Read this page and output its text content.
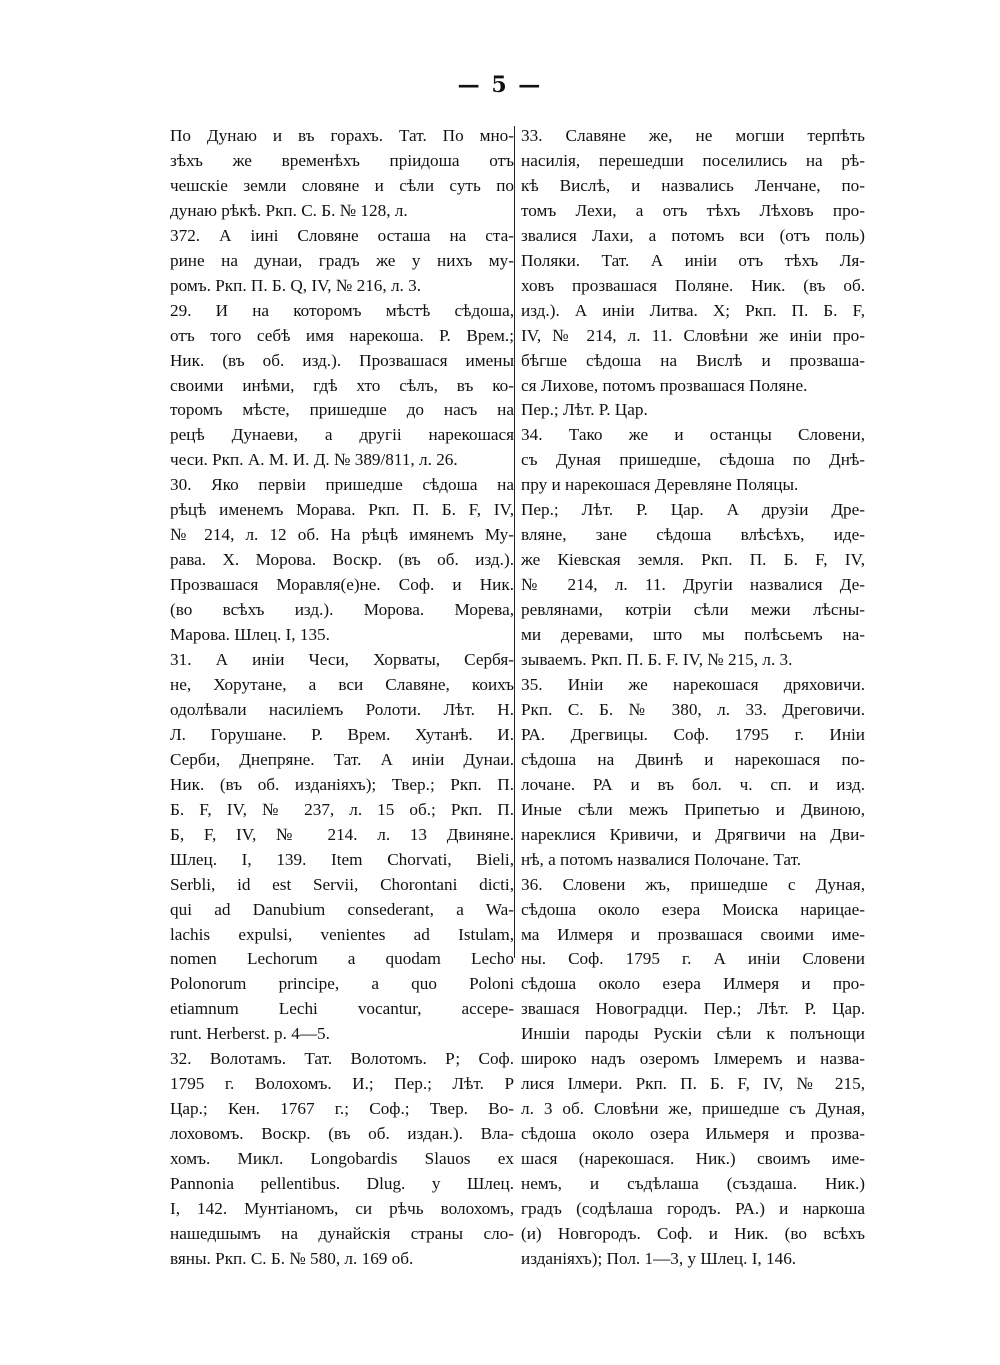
— 5 —
По Дунаю и въ горахъ. Тат. По мно-
зѣхъ же временѣхъ пріидоша отъ
чешскіе земли словяне и сѣли суть по
дунаю рѣкѣ. Ркп. С. Б. № 128, л.
372. А іині Словяне осташа на ста-
рине на дунаи, градъ же у нихъ му-
ромъ. Ркп. П. Б. Q, IV, № 216, л. 3.
29. И на которомъ мѣстѣ сѣдоша,
отъ того себѣ имя нарекоша. Р. Врем.;
Ник. (въ об. изд.). Прозвашася имены
своими инѣми, гдѣ хто сѣлъ, въ ко-
торомъ мѣсте, пришедше до насъ на
рецѣ Дунаеви, а другіі нарекошася
чеси. Ркп. А. М. И. Д. № 389/811, л. 26.
30. Яко первіи пришедше сѣдоша на
рѣцѣ именемъ Морава. Ркп. П. Б. F, IV,
№ 214, л. 12 об. На рѣцѣ имянемъ Му-
рава. X. Морова. Воскр. (въ об. изд.).
Прозвашася Моравля(е)не. Соф. и Ник.
(во всѣхъ изд.). Морова. Морева,
Марова. Шлец. I, 135.
31. А иніи Чеси, Хорваты, Сербя-
не, Хорутане, а вси Славяне, коихъ
одолѣвали насиліемъ Ролоти. Лѣт. Н.
Л. Горушане. Р. Врем. Хутанѣ. И.
Серби, Днепряне. Тат. А иніи Дунаи.
Ник. (въ об. изданіяхъ); Твер.; Ркп. П.
Б. F, IV, № 237, л. 15 об.; Ркп. П.
Б, F, IV, № 214. л. 13 Двиняне.
Шлец. I, 139. Item Chorvati, Bieli,
Serbli, id est Servii, Chorontani dicti,
qui ad Danubium consederant, a Wa-
lachis expulsi, venientes ad Istulam,
nomen Lechorum a quodam Lecho
Polonorum principe, a quo Poloni
etiamnum Lechi vocantur, accepe-
runt. Herberst. p. 4—5.
32. Волотамъ. Тат. Волотомъ. Р; Соф.
1795 г. Волохомъ. И.; Пер.; Лѣт. Р
Цар.; Кен. 1767 г.; Соф.; Твер. Во-
лоховомъ. Воскр. (въ об. издан.). Вла-
хомъ. Микл. Longobardis Slauos ex
Pannonia pellentibus. Dlug. у Шлец.
I, 142. Мунтіаномъ, си рѣчь волохомъ,
нашедшымъ на дунайскія страны сло-
вяны. Ркп. С. Б. № 580, л. 169 об.
33. Славяне же, не могши терпѣть
насилія, перешедши поселились на рѣ-
кѣ Вислѣ, и назвались Ленчане, по-
томъ Лехи, а отъ тѣхъ Лѣховъ про-
звалися Лахи, а потомъ вси (отъ поль)
Поляки. Тат. А иніи отъ тѣхъ Ля-
ховъ прозвашася Поляне. Ник. (въ об.
изд.). А иніи Литва. X; Ркп. П. Б. F,
IV, № 214, л. 11. Словѣни же иніи про-
бѣгше сѣдоша на Вислѣ и прозваша-
ся Лихове, потомъ прозвашася Поляне.
Пер.; Лѣт. Р. Цар.
34. Тако же и останцы Словени,
съ Дуная пришедше, сѣдоша по Днѣ-
пру и нарекошася Деревляне Поляцы.
Пер.; Лѣт. Р. Цар. А друзіи Дре-
вляне, зане сѣдоша влѣсѣхъ, иде-
же Кіевская земля. Ркп. П. Б. F, IV,
№ 214, л. 11. Другіи назвалися Де-
ревлянами, котріи сѣли межи лѣсны-
ми деревами, што мы полѣсьемъ на-
зываемъ. Ркп. П. Б. F. IV, № 215, л. 3.
35. Иніи же нарекошася дряховичи.
Ркп. С. Б. № 380, л. 33. Дреговичи.
РА. Дрегвицы. Соф. 1795 г. Иніи
сѣдоша на Двинѣ и нарекошася по-
лочане. РА и въ бол. ч. сп. и изд.
Иные сѣли межъ Припетью и Двиною,
нареклися Кривичи, и Дрягвичи на Дви-
нѣ, а потомъ назвалися Полочане. Тат.
36. Словени жъ, пришедше с Дуная,
сѣдоша около езера Моиска нарицае-
ма Илмеря и прозвашася своими име-
ны. Соф. 1795 г. А иніи Словени
сѣдоша около езера Илмеря и про-
звашася Новоградци. Пер.; Лѣт. Р. Цар.
Иншіи пароды Рускіи сѣли к полънощи
широко надъ озеромъ Ілмеремъ и назва-
лися Ілмери. Ркп. П. Б. F, IV, № 215,
л. 3 об. Словѣни же, пришедше съ Дуная,
сѣдоша около озера Ильмеря и прозва-
шася (нарекошася. Ник.) своимъ име-
немъ, и съдѣлаша (създаша. Ник.)
градъ (содѣлаша городъ. РА.) и наркоша
(и) Новгородъ. Соф. и Ник. (во всѣхъ
изданіяхъ); Пол. 1—3, у Шлец. I, 146.
